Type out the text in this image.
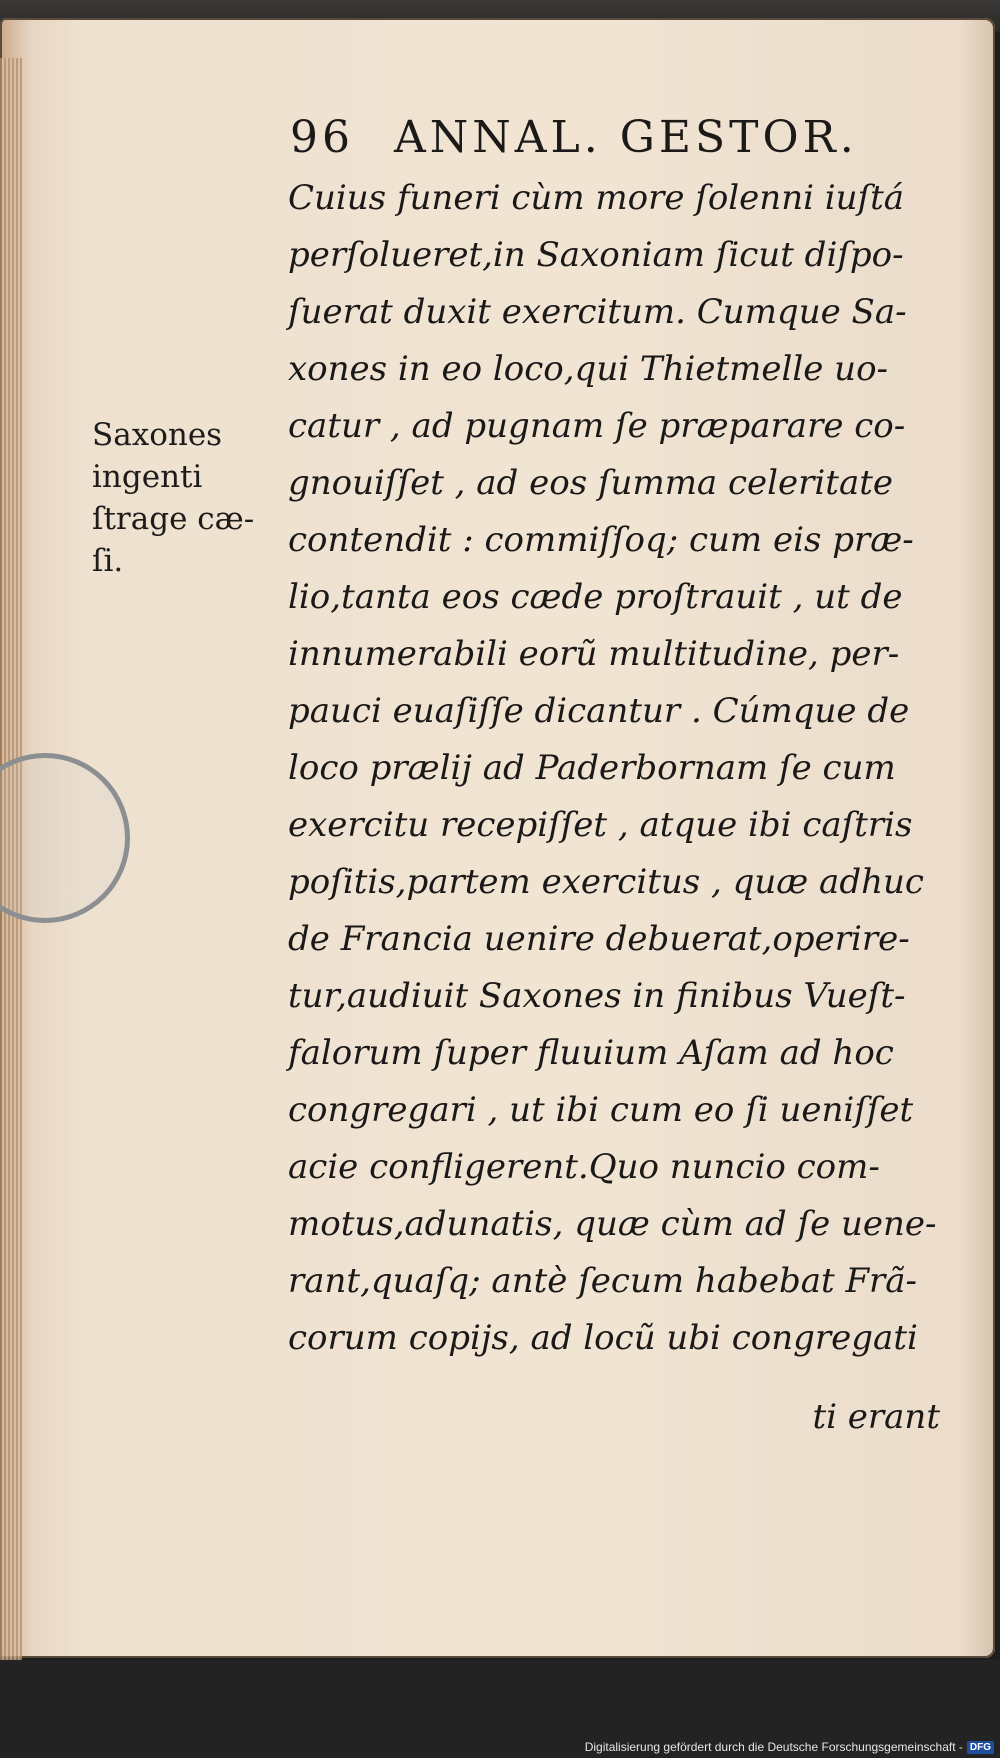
96 ANNAL. GESTOR.
Saxones
ingenti
ſtrage cæ-
ſi.
Cuius funeri cùm more ſolenni iuſtá
perſolueret,in Saxoniam ſicut diſpo-
ſuerat duxit exercitum. Cumque Sa-
xones in eo loco,qui Thietmelle uo-
catur , ad pugnam ſe præparare co-
gnouiſſet , ad eos ſumma celeritate
contendit : commiſſoq; cum eis præ-
lio,tanta eos cæde proſtrauit , ut de
innumerabili eorũ multitudine, per-
pauci euaſiſſe dicantur . Cúmque de
loco prælij ad Paderbornam ſe cum
exercitu recepiſſet , atque ibi caſtris
poſitis,partem exercitus , quæ adhuc
de Francia uenire debuerat,operire-
tur,audiuit Saxones in finibus Vueſt-
falorum ſuper fluuium Aſam ad hoc
congregari , ut ibi cum eo ſi ueniſſet
acie confligerent.Quo nuncio com-
motus,adunatis, quæ cùm ad ſe uene-
rant,quaſq; antè ſecum habebat Frã-
corum copijs, ad locũ ubi congregati
ti erant
Digitalisierung gefördert durch die Deutsche Forschungsgemeinschaft - DFG
